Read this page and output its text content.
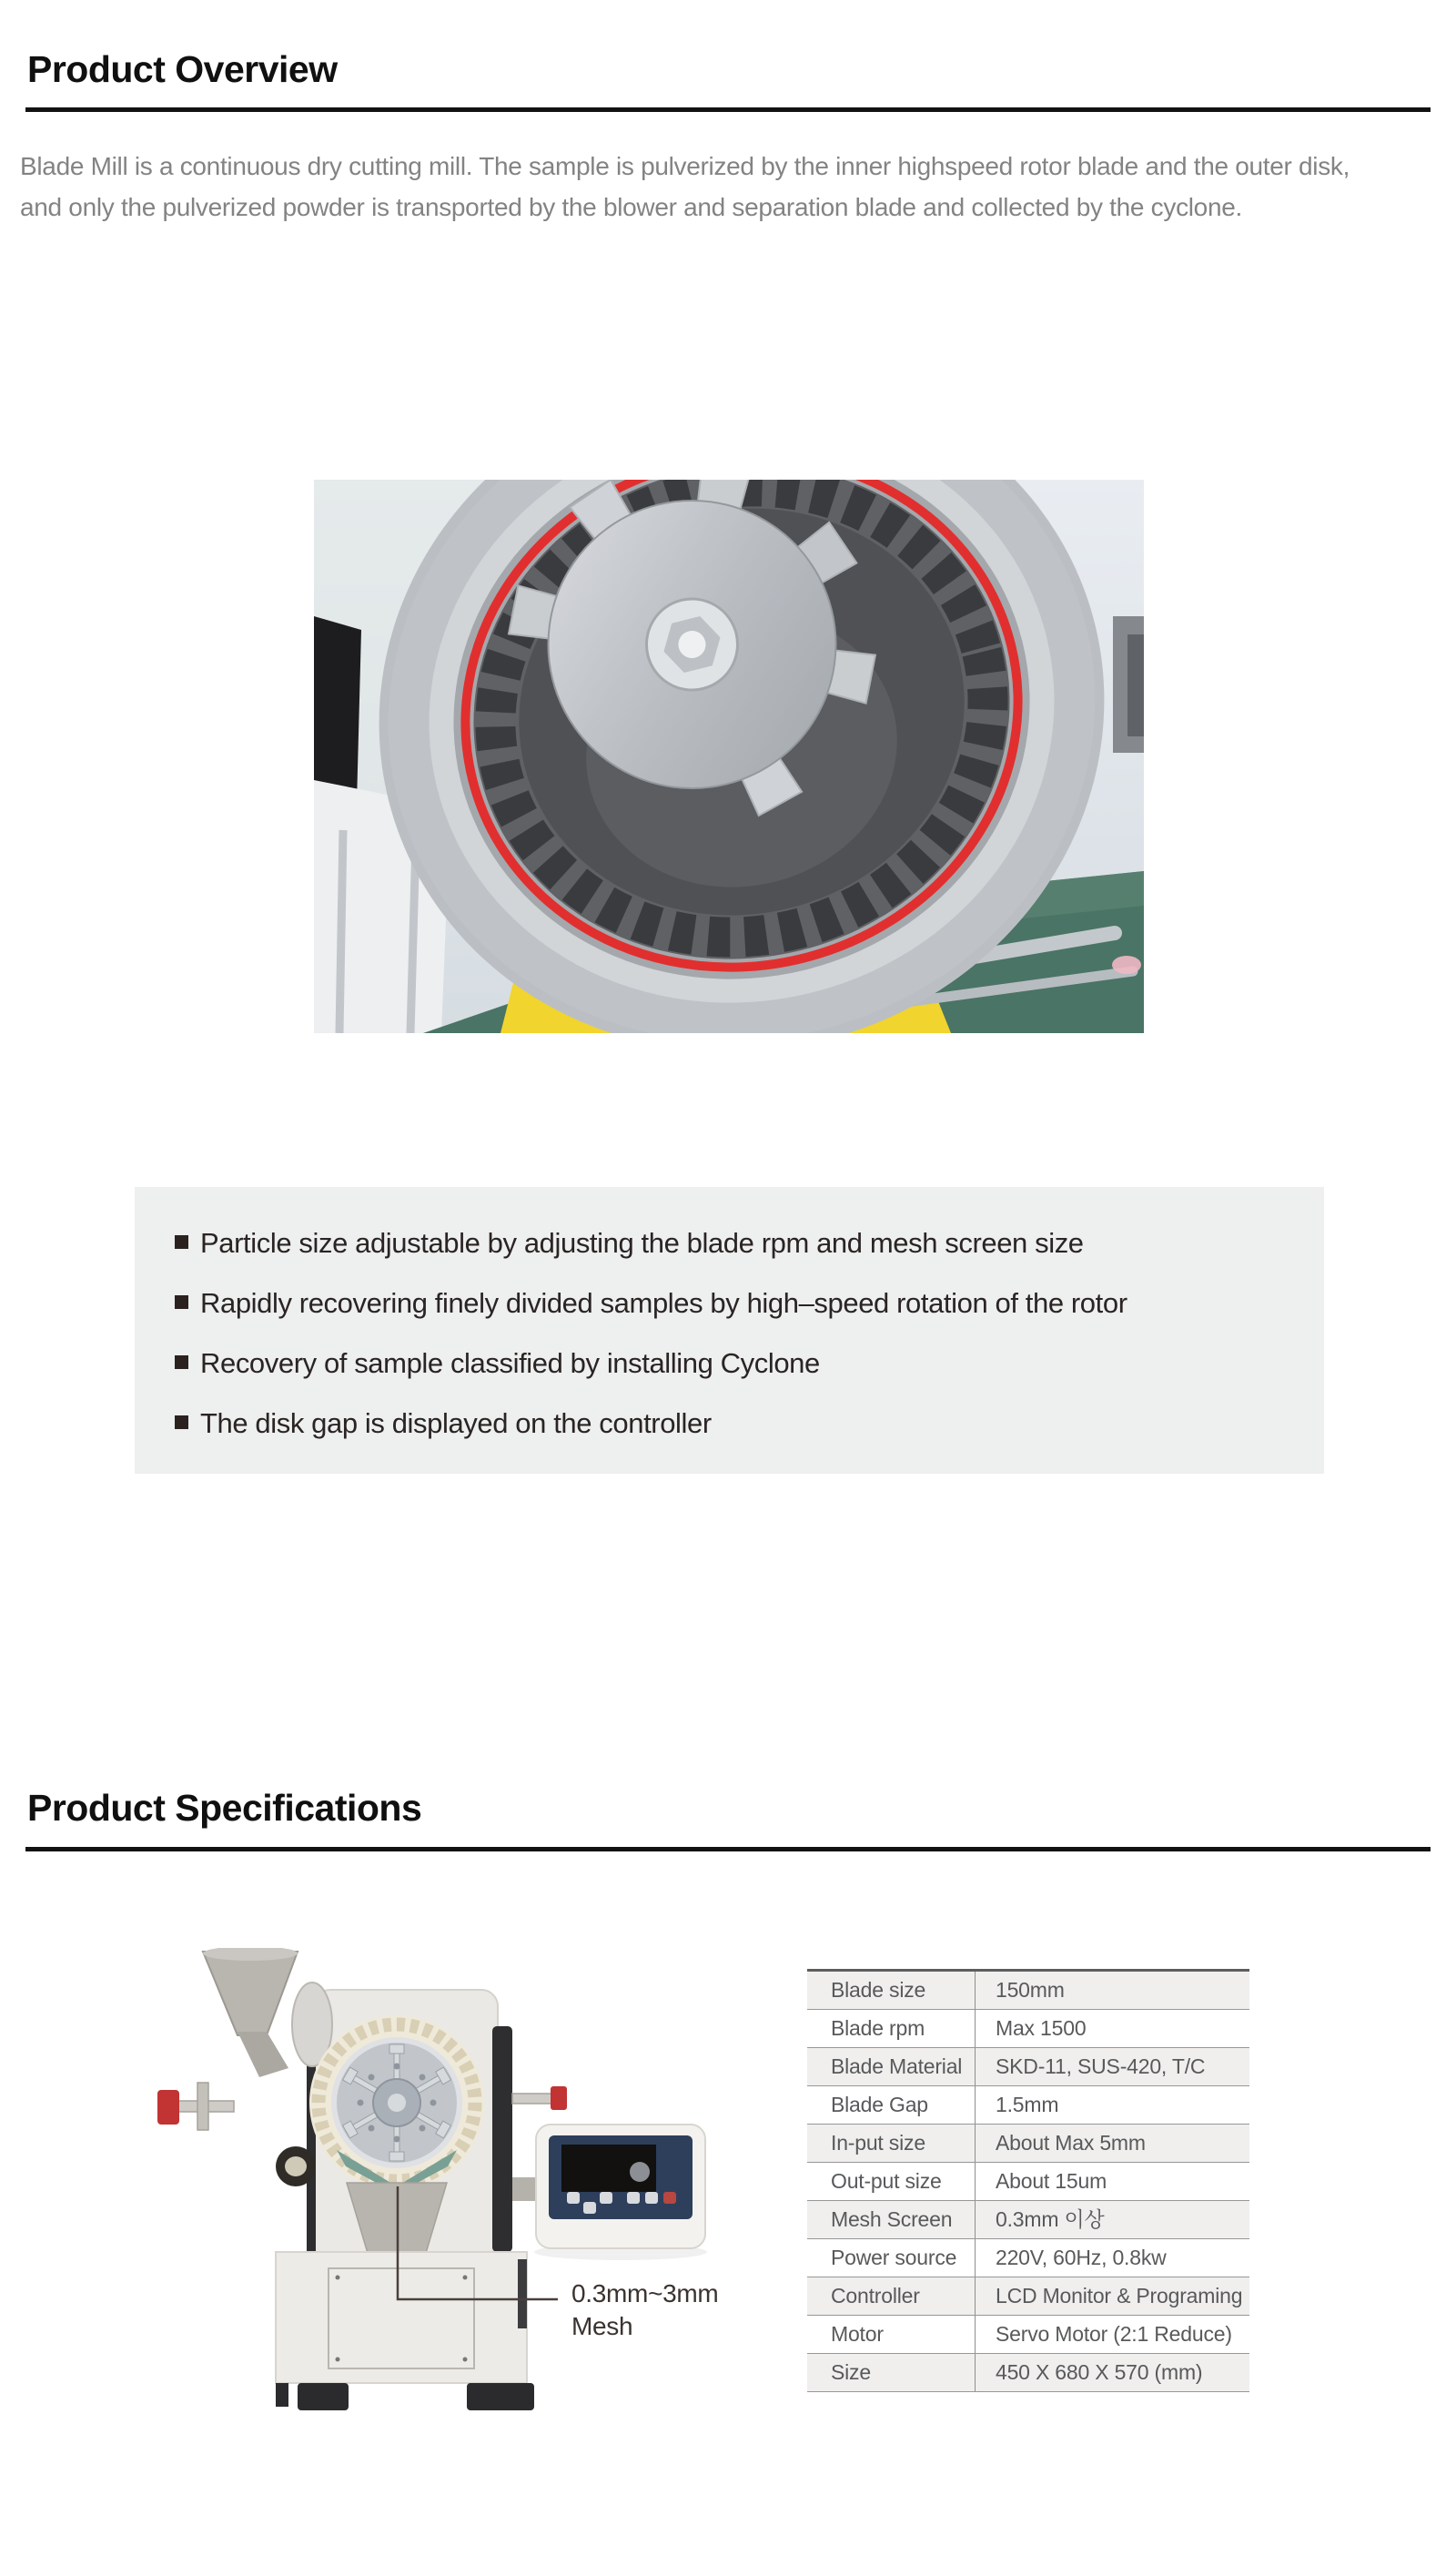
Product Overview
Blade Mill is a continuous dry cutting mill. The sample is pulverized by the inner highspeed rotor blade and the outer disk,
and only the pulverized powder is transported by the blower and separation blade and collected by the cyclone.
Particle size adjustable by adjusting the blade rpm and mesh screen size
Rapidly recovering finely divided samples by high–speed rotation of the rotor
Recovery of sample classified by installing Cyclone
The disk gap is displayed on the controller
Product Specifications
0.3mm~3mm
Mesh
Blade size	150mm
Blade rpm	Max 1500
Blade Material	SKD-11, SUS-420, T/C
Blade Gap	1.5mm
In-put size	About Max 5mm
Out-put size	About 15um
Mesh Screen	0.3mm 이상
Power source	220V, 60Hz, 0.8kw
Controller	LCD Monitor & Programing
Motor	Servo Motor (2:1 Reduce)
Size	450 X 680 X 570 (mm)
